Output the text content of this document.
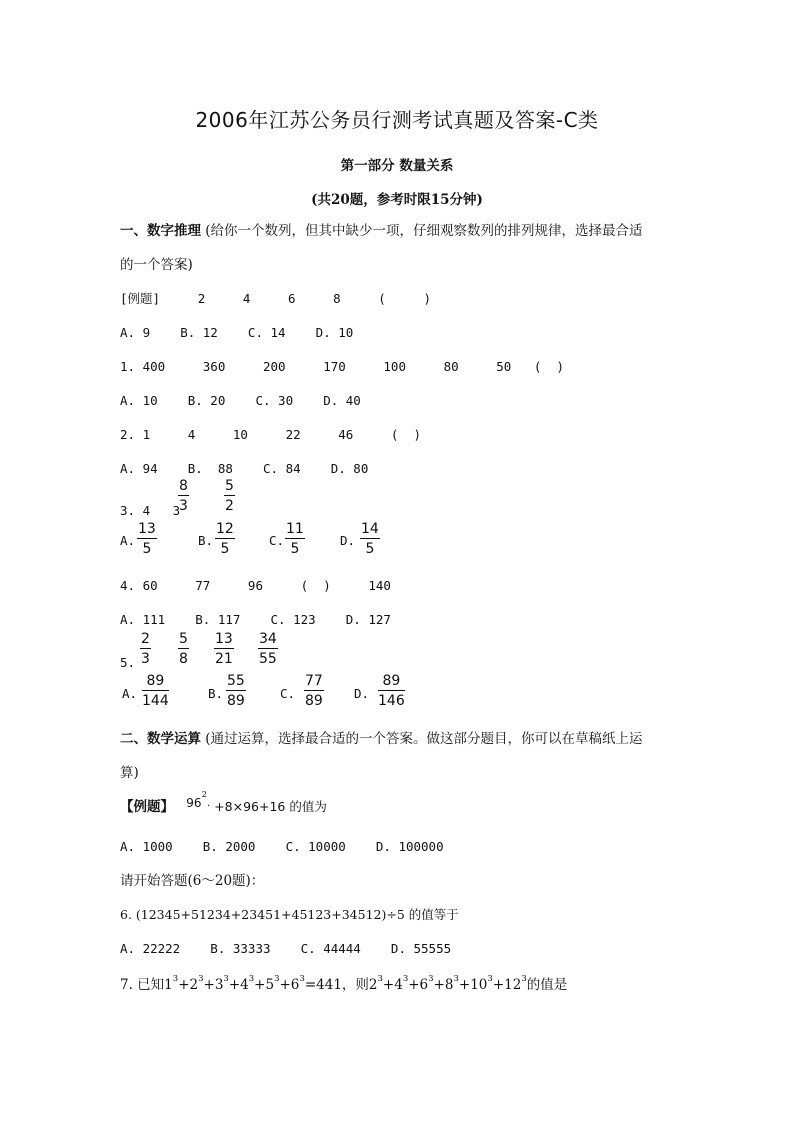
2006年江苏公务员行测考试真题及答案-C类
第一部分 数量关系
(共20题，参考时限15分钟)
一、数字推理 (给你一个数列，但其中缺少一项，仔细观察数列的排列规律，选择最合适
的一个答案)
[例题]     2     4     6     8     (     )
A. 9    B. 12    C. 14    D. 10
1. 400     360     200     170     100     80     50   (  )
A. 10    B. 20    C. 30    D. 40
2. 1     4     10     22     46     (  )
A. 94    B.  88    C. 84    D. 80
3. 4   3
8
3
5
2
A.
13
5
B.
12
5
C.
11
5
D.
14
5
4. 60     77     96     (  )     140
A. 111    B. 117    C. 123    D. 127
5.
2
3
5
8
13
21
34
55
A.
89
144	B.
55
89	C.
77
89 D.
89
146
二、数学运算 (通过运算，选择最合适的一个答案。做这部分题目，你可以在草稿纸上运
算)
【例题】 $96^2\cdot +8\times 96+16$ 的值为
A. 1000    B. 2000    C. 10000    D. 100000
请开始答题(6～20题)：
6. (12345+51234+23451+45123+34512)÷5 的值等于
A. 22222    B. 33333    C. 44444    D. 55555
7. 已知$1^3+2^3+3^3+4^3+5^3+6^3=441$，则$2^3+4^3+6^3+8^3+10^3+12^3$的值是
